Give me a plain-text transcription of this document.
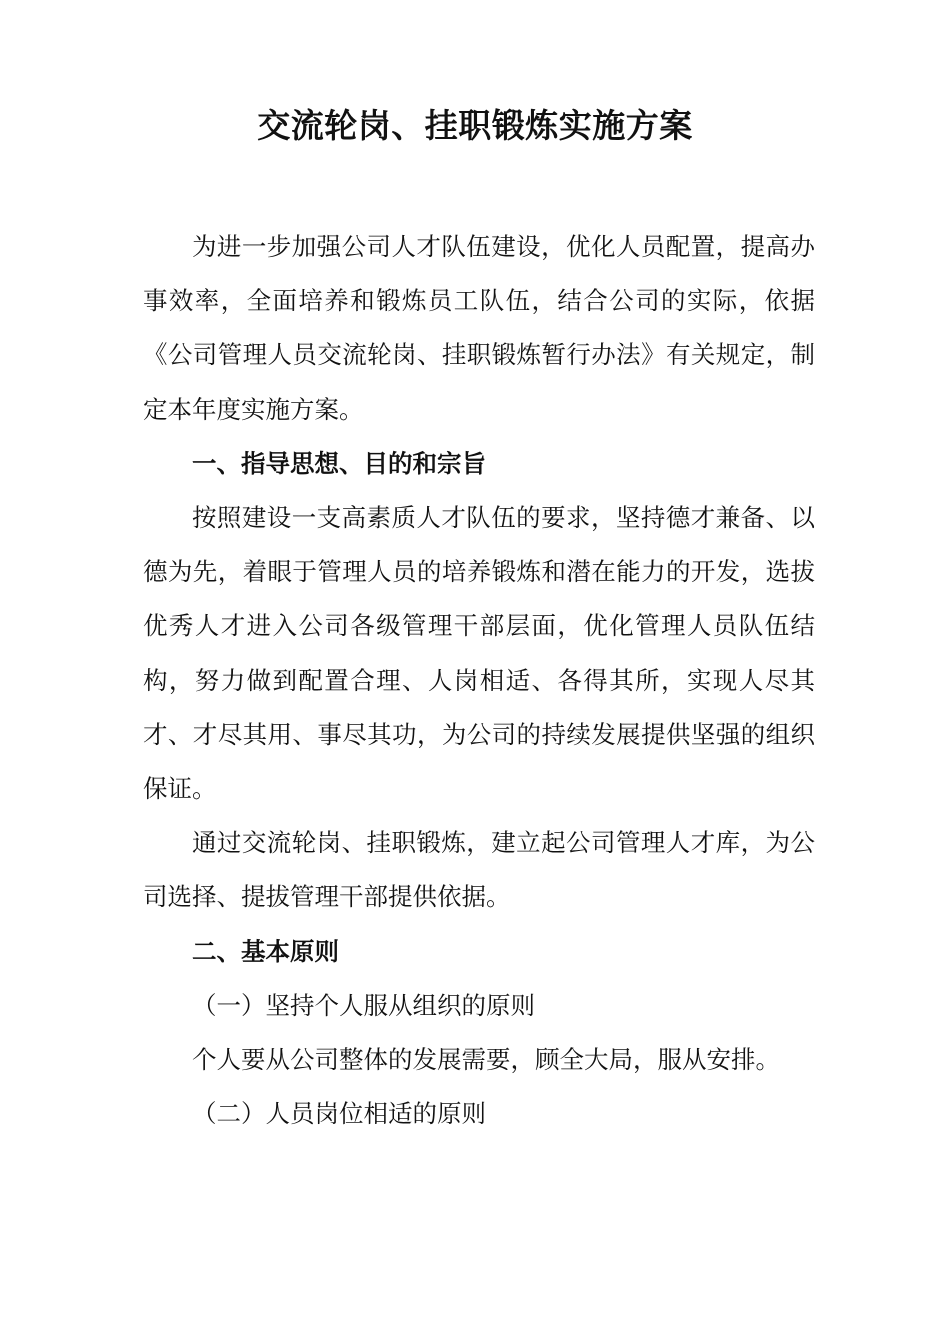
交流轮岗、挂职锻炼实施方案

为进一步加强公司人才队伍建设，优化人员配置，提高办事效率，全面培养和锻炼员工队伍，结合公司的实际，依据《公司管理人员交流轮岗、挂职锻炼暂行办法》有关规定，制定本年度实施方案。

一、指导思想、目的和宗旨

按照建设一支高素质人才队伍的要求，坚持德才兼备、以德为先，着眼于管理人员的培养锻炼和潜在能力的开发，选拔优秀人才进入公司各级管理干部层面，优化管理人员队伍结构，努力做到配置合理、人岗相适、各得其所，实现人尽其才、才尽其用、事尽其功，为公司的持续发展提供坚强的组织保证。

通过交流轮岗、挂职锻炼，建立起公司管理人才库，为公司选择、提拔管理干部提供依据。

二、基本原则

（一）坚持个人服从组织的原则

个人要从公司整体的发展需要，顾全大局，服从安排。

（二）人员岗位相适的原则
